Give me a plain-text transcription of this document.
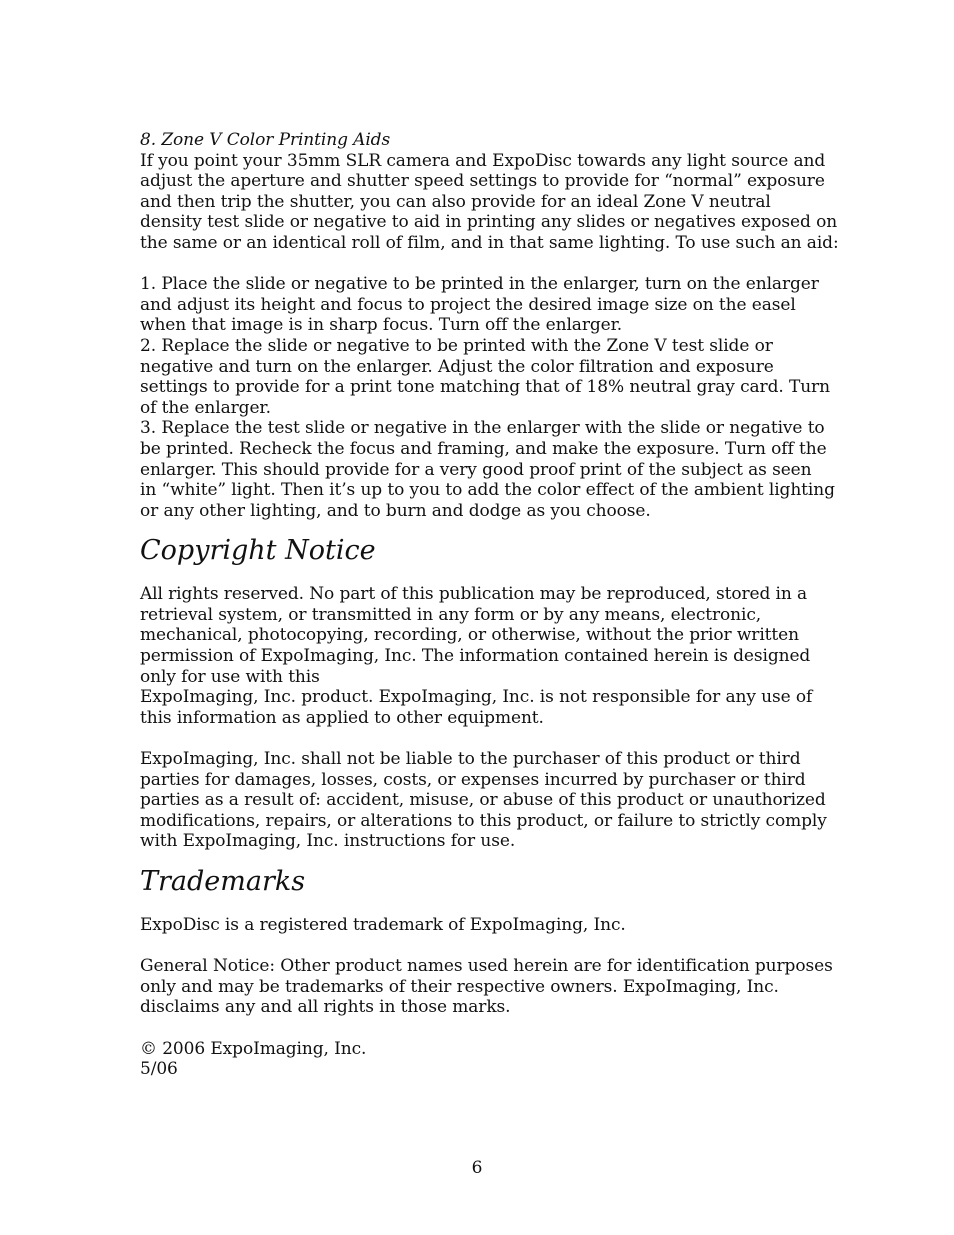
8. Zone V Color Printing Aids
If you point your 35mm SLR camera and ExpoDisc towards any light source and
adjust the aperture and shutter speed settings to provide for “normal” exposure
and then trip the shutter, you can also provide for an ideal Zone V neutral
density test slide or negative to aid in printing any slides or negatives exposed on
the same or an identical roll of film, and in that same lighting. To use such an aid:
1. Place the slide or negative to be printed in the enlarger, turn on the enlarger
and adjust its height and focus to project the desired image size on the easel
when that image is in sharp focus. Turn off the enlarger.
2. Replace the slide or negative to be printed with the Zone V test slide or
negative and turn on the enlarger. Adjust the color filtration and exposure
settings to provide for a print tone matching that of 18% neutral gray card. Turn
of the enlarger.
3. Replace the test slide or negative in the enlarger with the slide or negative to
be printed. Recheck the focus and framing, and make the exposure. Turn off the
enlarger. This should provide for a very good proof print of the subject as seen
in “white” light. Then it’s up to you to add the color effect of the ambient lighting
or any other lighting, and to burn and dodge as you choose.
Copyright Notice
All rights reserved. No part of this publication may be reproduced, stored in a
retrieval system, or transmitted in any form or by any means, electronic,
mechanical, photocopying, recording, or otherwise, without the prior written
permission of ExpoImaging, Inc. The information contained herein is designed
only for use with this
ExpoImaging, Inc. product. ExpoImaging, Inc. is not responsible for any use of
this information as applied to other equipment.
ExpoImaging, Inc. shall not be liable to the purchaser of this product or third
parties for damages, losses, costs, or expenses incurred by purchaser or third
parties as a result of: accident, misuse, or abuse of this product or unauthorized
modifications, repairs, or alterations to this product, or failure to strictly comply
with ExpoImaging, Inc. instructions for use.
Trademarks
ExpoDisc is a registered trademark of ExpoImaging, Inc.
General Notice: Other product names used herein are for identification purposes
only and may be trademarks of their respective owners. ExpoImaging, Inc.
disclaims any and all rights in those marks.
© 2006 ExpoImaging, Inc.
5/06
6
